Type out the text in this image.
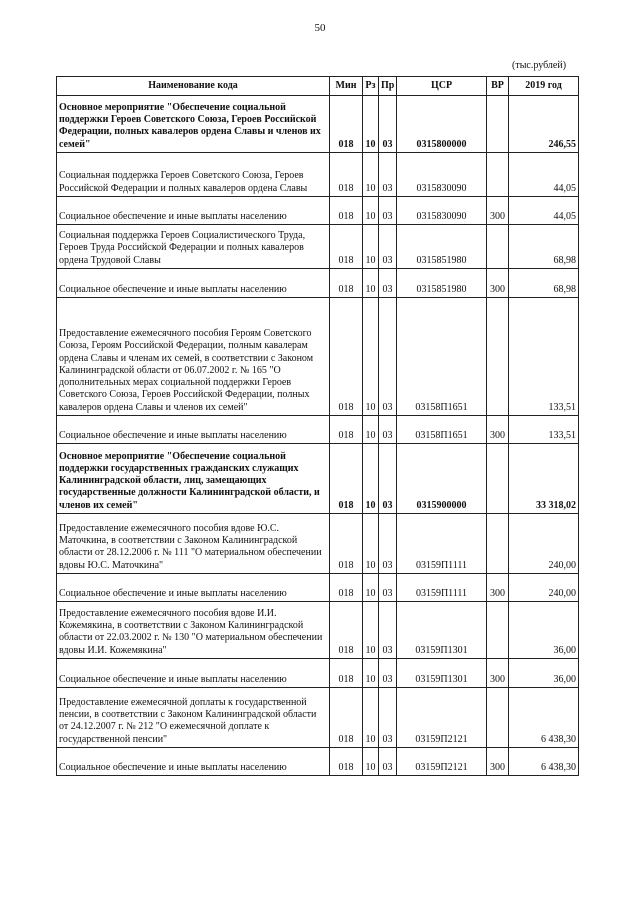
50
(тыс.рублей)
Наименование кода	Мин	Рз	Пр	ЦСР	ВР	2019 год
Основное мероприятие "Обеспечение социальной поддержки Героев Советского Союза, Героев Российской Федерации, полных кавалеров ордена Славы и членов их семей"	018	10	03	0315800000		246,55
Социальная поддержка Героев Советского Союза, Героев Российской Федерации и полных кавалеров ордена Славы	018	10	03	0315830090		44,05
Социальное обеспечение и иные выплаты населению	018	10	03	0315830090	300	44,05
Социальная поддержка Героев Социалистического Труда, Героев Труда Российской Федерации и полных кавалеров ордена Трудовой Славы	018	10	03	0315851980		68,98
Социальное обеспечение и иные выплаты населению	018	10	03	0315851980	300	68,98
Предоставление ежемесячного пособия Героям Советского Союза, Героям Российской Федерации, полным кавалерам ордена Славы и членам их семей, в соответствии с Законом Калининградской области от 06.07.2002 г. № 165 "О дополнительных мерах социальной поддержки Героев Советского Союза, Героев Российской Федерации, полных кавалеров ордена Славы и членов их семей"	018	10	03	03158П1651		133,51
Социальное обеспечение и иные выплаты населению	018	10	03	03158П1651	300	133,51
Основное мероприятие "Обеспечение социальной поддержки государственных гражданских служащих Калининградской области, лиц, замещающих государственные должности Калининградской области, и членов их семей"	018	10	03	0315900000		33 318,02
Предоставление ежемесячного пособия вдове Ю.С. Маточкина, в соответствии с Законом Калининградской области от 28.12.2006 г. № 111 "О материальном обеспечении вдовы Ю.С. Маточкина"	018	10	03	03159П1111		240,00
Социальное обеспечение и иные выплаты населению	018	10	03	03159П1111	300	240,00
Предоставление ежемесячного пособия вдове И.И. Кожемякина, в соответствии с Законом Калининградской области от 22.03.2002 г. № 130 "О материальном обеспечении вдовы И.И. Кожемякина"	018	10	03	03159П1301		36,00
Социальное обеспечение и иные выплаты населению	018	10	03	03159П1301	300	36,00
Предоставление ежемесячной доплаты к государственной пенсии, в соответствии с Законом Калининградской области от 24.12.2007 г. № 212 "О ежемесячной доплате к государственной пенсии"	018	10	03	03159П2121		6 438,30
Социальное обеспечение и иные выплаты населению	018	10	03	03159П2121	300	6 438,30
